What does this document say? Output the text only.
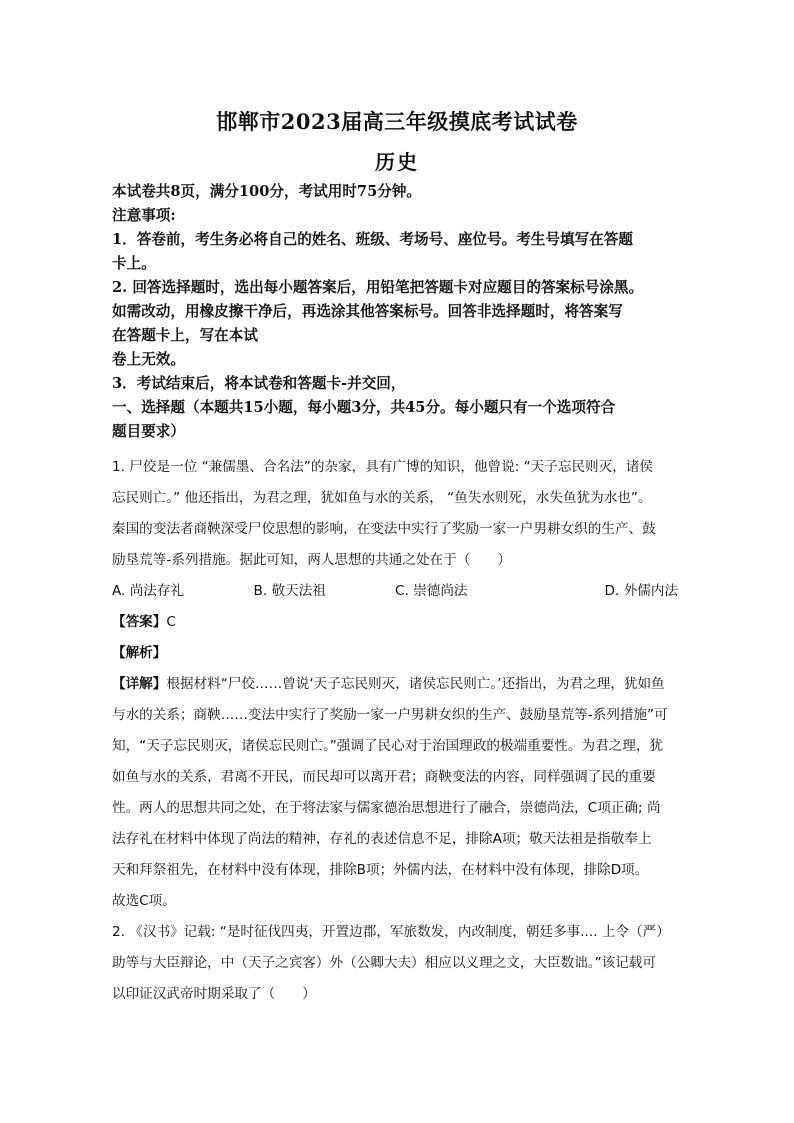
邯郸市2023届高三年级摸底考试试卷
历史

本试卷共8页，满分100分，考试用时75分钟。

注意事项:

1．答卷前，考生务必将自己的姓名、班级、考场号、座位号。考生号填写在答题

卡上。

2. 回答选择题时，选出每小题答案后，用铅笔把答题卡对应题目的答案标号涂黑。

如需改动，用橡皮擦干净后，再选涂其他答案标号。回答非选择题时，将答案写

在答题卡上，写在本试

卷上无效。

3．考试结束后，将本试卷和答题卡-并交回，

一、选择题（本题共15小题，每小题3分，共45分。每小题只有一个选项符合

题目要求）

1. 尸佼是一位 “兼儒墨、合名法”的杂家，具有广博的知识，他曾说: “天子忘民则灭，诸侯

忘民则亡。” 他还指出，为君之理，犹如鱼与水的关系， “鱼失水则死，水失鱼犹为水也”。

秦国的变法者商鞅深受尸佼思想的影响，在变法中实行了奖励一家一户男耕女织的生产、鼓

励垦荒等-系列措施。据此可知，两人思想的共通之处在于（　　）

A. 尚法存礼	B. 敬天法祖	C. 崇德尚法	D. 外儒内法

【答案】C

【解析】

【详解】根据材料“尸佼……曾说‘天子忘民则灭，诸侯忘民则亡。’还指出，为君之理，犹如鱼

与水的关系；商鞅……变法中实行了奖励一家一户男耕女织的生产、鼓励垦荒等-系列措施”可

知，“天子忘民则灭，诸侯忘民则亡。”强调了民心对于治国理政的极端重要性。为君之理，犹

如鱼与水的关系，君离不开民，而民却可以离开君；商鞅变法的内容，同样强调了民的重要

性。两人的思想共同之处，在于将法家与儒家德治思想进行了融合，崇德尚法，C项正确; 尚

法存礼在材料中体现了尚法的精神，存礼的表述信息不足，排除A项；敬天法祖是指敬奉上

天和拜祭祖先，在材料中没有体现，排除B项；外儒内法，在材料中没有体现，排除D项。

故选C项。

2. 《汉书》记载: “是时征伐四夷，开置边郡，军旅数发，内改制度，朝廷多事.... 上令（严）

助等与大臣辩论，中（天子之宾客）外（公卿大夫）相应以义理之文，大臣数诎。”该记载可

以印证汉武帝时期采取了（　　）
